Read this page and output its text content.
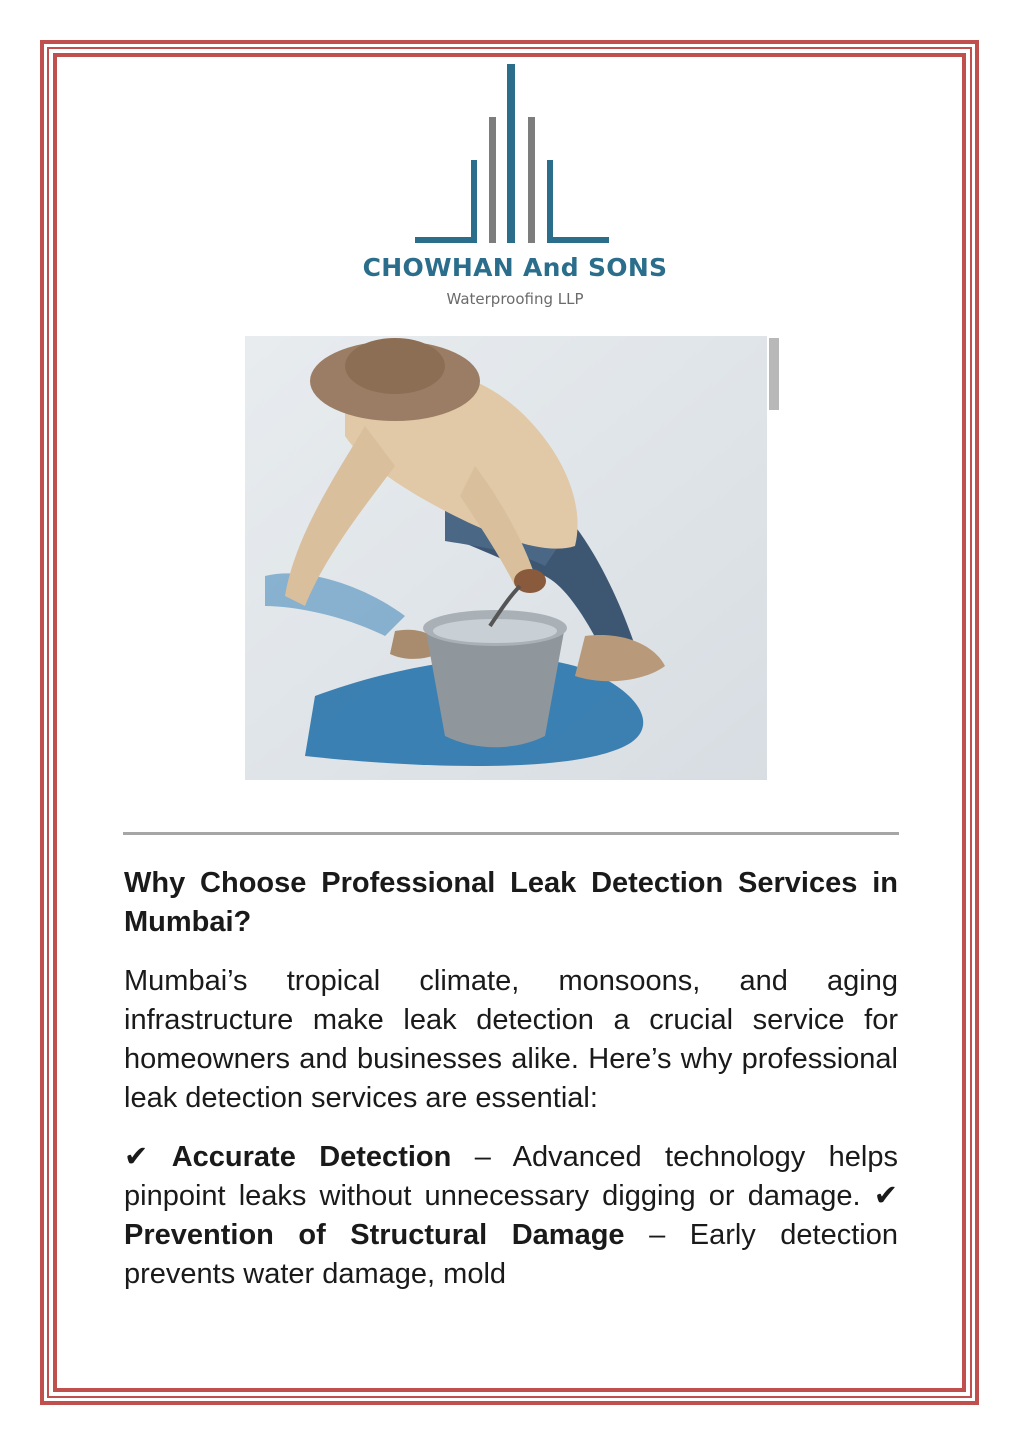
CHOWHAN And SONS
Waterproofing LLP
Why Choose Professional Leak Detection Services in Mumbai?
Mumbai’s tropical climate, monsoons, and aging infrastructure make leak detection a crucial service for homeowners and businesses alike. Here’s why professional leak detection services are essential:
✔ Accurate Detection – Advanced technology helps pinpoint leaks without unnecessary digging or damage. ✔ Prevention of Structural Damage – Early detection prevents water damage, mold
